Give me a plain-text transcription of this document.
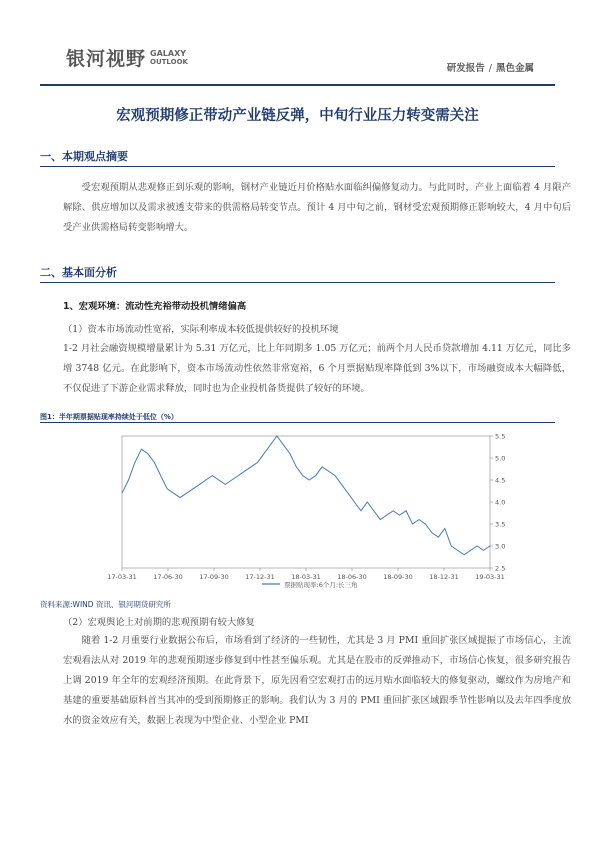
银河视野 GALAXY
OUTLOOK
研发报告 / 黑色金属
宏观预期修正带动产业链反弹，中旬行业压力转变需关注
一、本期观点摘要
受宏观预期从悲观修正到乐观的影响，钢材产业链近月价格贴水面临纠偏修复动力。与此同时，产业上面临着 4 月限产解除、供应增加以及需求被透支带来的供需格局转变节点。预计 4 月中旬之前，钢材受宏观预期修正影响较大，4 月中旬后受产业供需格局转变影响增大。
二、基本面分析
1、宏观环境：流动性充裕带动投机情绪偏高
（1）资本市场流动性宽裕，实际利率成本较低提供较好的投机环境
1-2 月社会融资规模增量累计为 5.31 万亿元，比上年同期多 1.05 万亿元；前两个月人民币贷款增加 4.11 万亿元，同比多增 3748 亿元。在此影响下，资本市场流动性依然非常宽裕，6 个月票据贴现率降低到 3%以下，市场融资成本大幅降低，不仅促进了下游企业需求释放，同时也为企业投机备货提供了较好的环境。
图1：半年期票据贴现率持续处于低位（%）
2.5
3.0
3.5
4.0
4.5
5.0
5.5
17-03-31	17-06-30	17-09-30	17-12-31	18-03-31	18-06-30	18-09-30	18-12-31	19-03-31
票据贴现率:6个月:长三角
资料来源:WIND 资讯、银河期货研究所
（2）宏观舆论上对前期的悲观预期有较大修复
随着 1-2 月重要行业数据公布后，市场看到了经济的一些韧性，尤其是 3 月 PMI 重回扩张区域提振了市场信心，主流宏观看法从对 2019 年的悲观预期逐步修复到中性甚至偏乐观。尤其是在股市的反弹推动下，市场信心恢复，很多研究报告上调 2019 年全年的宏观经济预期。在此背景下，原先因看空宏观打击的远月贴水面临较大的修复驱动，螺纹作为房地产和基建的重要基础原料首当其冲的受到预期修正的影响。我们认为 3 月的 PMI 重回扩张区域跟季节性影响以及去年四季度放水的资金效应有关，数据上表现为中型企业、小型企业 PMI
